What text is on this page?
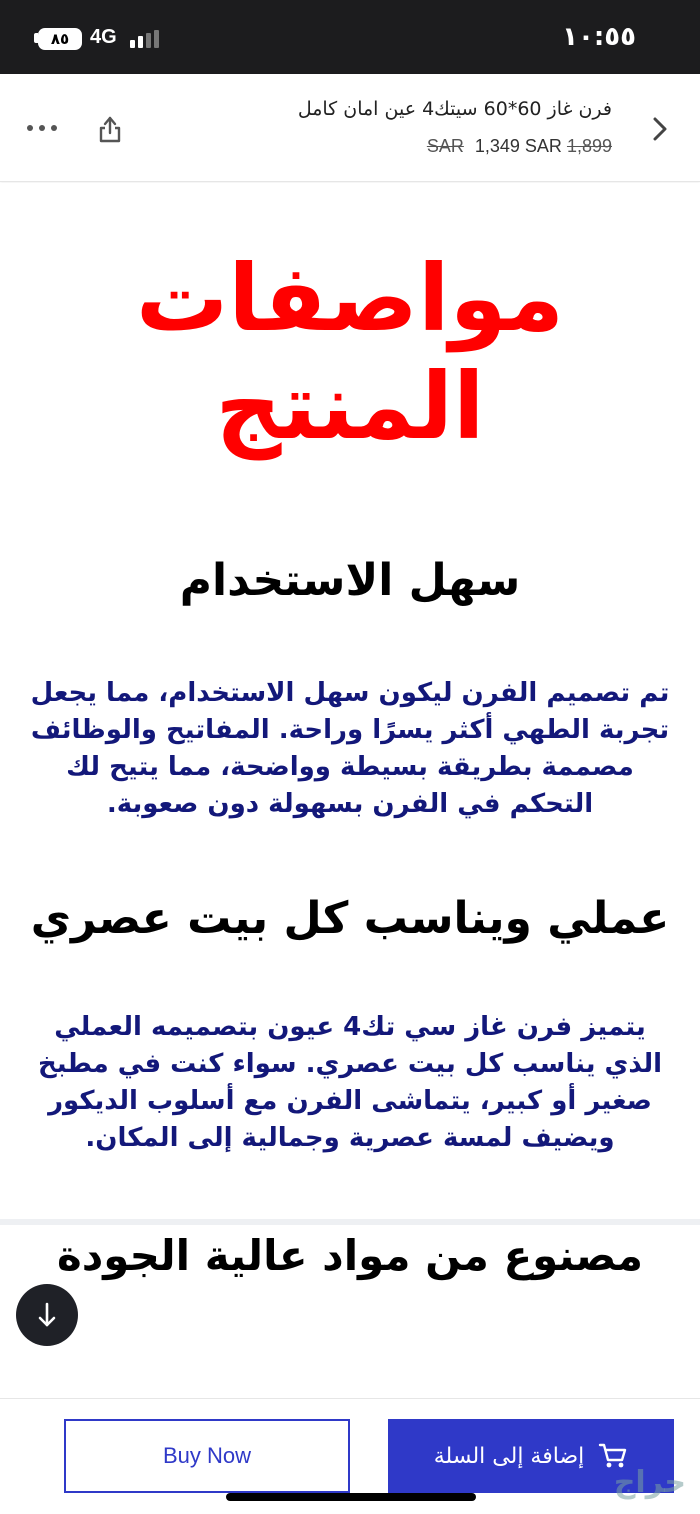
٨٥	4G	١٠:٥٥
فرن غاز 60*60 سيتك4 عين امان كامل
SAR 1,349 SAR 1,899
مواصفات المنتج
سهل الاستخدام
تم تصميم الفرن ليكون سهل الاستخدام، مما يجعل تجربة الطهي أكثر يسرًا وراحة. المفاتيح والوظائف مصممة بطريقة بسيطة وواضحة، مما يتيح لك التحكم في الفرن بسهولة دون صعوبة.
عملي ويناسب كل بيت عصري
يتميز فرن غاز سي تك4 عيون بتصميمه العملي الذي يناسب كل بيت عصري. سواء كنت في مطبخ صغير أو كبير، يتماشى الفرن مع أسلوب الديكور ويضيف لمسة عصرية وجمالية إلى المكان.
مصنوع من مواد عالية الجودة
Buy Now	إضافة إلى السلة
حراج
